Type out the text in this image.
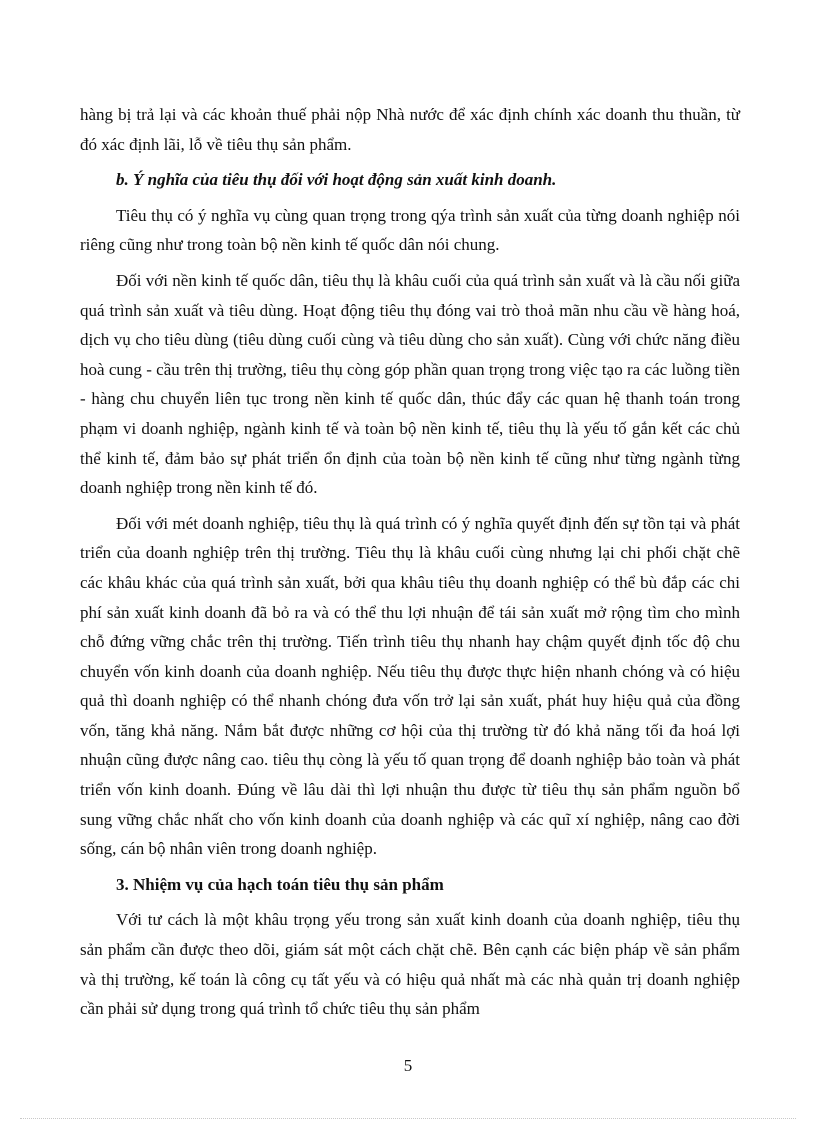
hàng bị trả lại và các khoản thuế phải nộp Nhà nước để xác định chính xác doanh thu thuần, từ đó xác định lãi, lỗ về tiêu thụ sản phẩm.

b. Ý nghĩa của tiêu thụ đối với hoạt động sản xuất kinh doanh.

Tiêu thụ có ý nghĩa vụ cùng quan trọng trong qýa trình sản xuất của từng doanh nghiệp nói riêng cũng như trong toàn bộ nền kinh tế quốc dân nói chung.

Đối với nền kinh tế quốc dân, tiêu thụ là khâu cuối của quá trình sản xuất và là cầu nối giữa quá trình sản xuất và tiêu dùng. Hoạt động tiêu thụ đóng vai trò thoả mãn nhu cầu về hàng hoá, dịch vụ cho tiêu dùng (tiêu dùng cuối cùng và tiêu dùng cho sản xuất). Cùng với chức năng điều hoà cung - cầu trên thị trường, tiêu thụ còng góp phần quan trọng trong việc tạo ra các luồng tiền - hàng chu chuyển liên tục trong nền kinh tế quốc dân, thúc đẩy các quan hệ thanh toán trong phạm vi doanh nghiệp, ngành kinh tế và toàn bộ nền kinh tế, tiêu thụ là yếu tố gắn kết các chủ thể kinh tế, đảm bảo sự phát triển ổn định của toàn bộ nền kinh tế cũng như từng ngành từng doanh nghiệp trong nền kinh tế đó.

Đối với mét doanh nghiệp, tiêu thụ là quá trình có ý nghĩa quyết định đến sự tồn tại và phát triển của doanh nghiệp trên thị trường. Tiêu thụ là khâu cuối cùng nhưng lại chi phối chặt chẽ các khâu khác của quá trình sản xuất, bởi qua khâu tiêu thụ doanh nghiệp có thể bù đắp các chi phí sản xuất kinh doanh đã bỏ ra và có thể thu lợi nhuận để tái sản xuất mở rộng tìm cho mình chỗ đứng vững chắc trên thị trường. Tiến trình tiêu thụ nhanh hay chậm quyết định tốc độ chu chuyển vốn kinh doanh của doanh nghiệp. Nếu tiêu thụ được thực hiện nhanh chóng và có hiệu quả thì doanh nghiệp có thể nhanh chóng đưa vốn trở lại sản xuất, phát huy hiệu quả của đồng vốn, tăng khả năng. Nắm bắt được những cơ hội của thị trường từ đó khả năng tối đa hoá lợi nhuận cũng được nâng cao. tiêu thụ còng là yếu tố quan trọng để doanh nghiệp bảo toàn và phát triển vốn kinh doanh. Đúng về lâu dài thì lợi nhuận thu được từ tiêu thụ sản phẩm nguồn bổ sung vững chắc nhất cho vốn kinh doanh của doanh nghiệp và các quĩ xí nghiệp, nâng cao đời sống, cán bộ nhân viên trong doanh nghiệp.

3. Nhiệm vụ của hạch toán tiêu thụ sản phẩm

Với tư cách là một khâu trọng yếu trong sản xuất kinh doanh của doanh nghiệp, tiêu thụ sản phẩm cần được theo dõi, giám sát một cách chặt chẽ. Bên cạnh các biện pháp về sản phẩm và thị trường, kế toán là công cụ tất yếu và có hiệu quả nhất mà các nhà quản trị doanh nghiệp cần phải sử dụng trong quá trình tổ chức tiêu thụ sản phẩm

5
